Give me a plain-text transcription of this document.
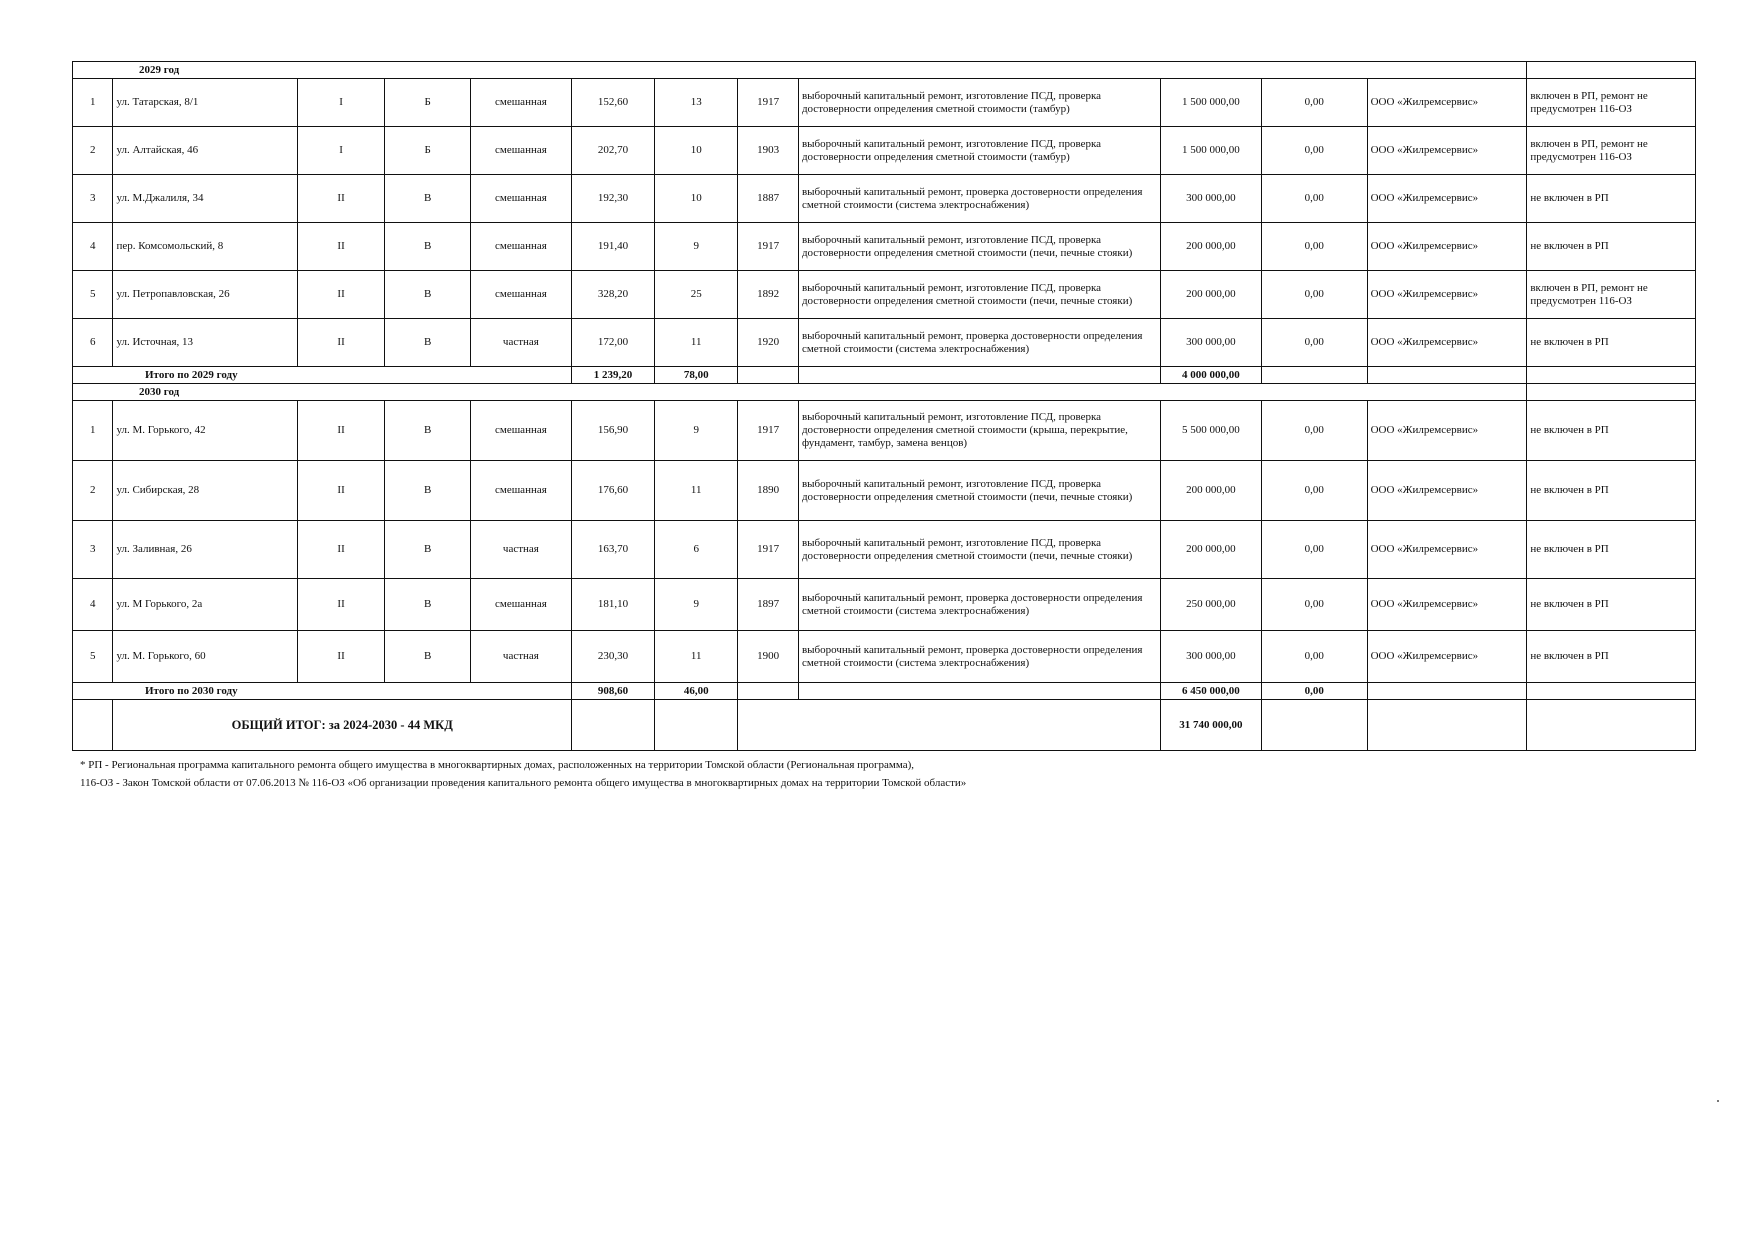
2029 год												
1	ул. Татарская, 8/1	I	Б	смешанная	152,60	13	1917	выборочный капитальный ремонт, изготовление ПСД, проверка достоверности определения сметной стоимости (тамбур)	1 500 000,00	0,00	ООО «Жилремсервис»	включен в РП, ремонт не предусмотрен 116-ОЗ
2	ул. Алтайская, 46	I	Б	смешанная	202,70	10	1903	выборочный капитальный ремонт, изготовление ПСД, проверка достоверности определения сметной стоимости (тамбур)	1 500 000,00	0,00	ООО «Жилремсервис»	включен в РП, ремонт не предусмотрен 116-ОЗ
3	ул. М.Джалиля, 34	II	В	смешанная	192,30	10	1887	выборочный капитальный ремонт, проверка достоверности определения сметной стоимости (система электроснабжения)	300 000,00	0,00	ООО «Жилремсервис»	не включен в РП
4	пер. Комсомольский, 8	II	В	смешанная	191,40	9	1917	выборочный капитальный ремонт, изготовление ПСД, проверка достоверности определения сметной стоимости (печи, печные стояки)	200 000,00	0,00	ООО «Жилремсервис»	не включен в РП
5	ул. Петропавловская, 26	II	В	смешанная	328,20	25	1892	выборочный капитальный ремонт, изготовление ПСД, проверка достоверности определения сметной стоимости (печи, печные стояки)	200 000,00	0,00	ООО «Жилремсервис»	включен в РП, ремонт не предусмотрен 116-ОЗ
6	ул. Источная, 13	II	В	частная	172,00	11	1920	выборочный капитальный ремонт, проверка достоверности определения сметной стоимости (система электроснабжения)	300 000,00	0,00	ООО «Жилремсервис»	не включен в РП
Итого по 2029 году					1 239,20	78,00			4 000 000,00			
2030 год												
1	ул. М. Горького, 42	II	В	смешанная	156,90	9	1917	выборочный капитальный ремонт, изготовление ПСД, проверка достоверности определения сметной стоимости (крыша, перекрытие, фундамент, тамбур, замена венцов)	5 500 000,00	0,00	ООО «Жилремсервис»	не включен в РП
2	ул. Сибирская, 28	II	В	смешанная	176,60	11	1890	выборочный капитальный ремонт, изготовление ПСД, проверка достоверности определения сметной стоимости (печи, печные стояки)	200 000,00	0,00	ООО «Жилремсервис»	не включен в РП
3	ул. Заливная, 26	II	В	частная	163,70	6	1917	выборочный капитальный ремонт, изготовление ПСД, проверка достоверности определения сметной стоимости (печи, печные стояки)	200 000,00	0,00	ООО «Жилремсервис»	не включен в РП
4	ул. М Горького, 2а	II	В	смешанная	181,10	9	1897	выборочный капитальный ремонт, проверка достоверности определения сметной стоимости (система электроснабжения)	250 000,00	0,00	ООО «Жилремсервис»	не включен в РП
5	ул. М. Горького, 60	II	В	частная	230,30	11	1900	выборочный капитальный ремонт, проверка достоверности определения сметной стоимости (система электроснабжения)	300 000,00	0,00	ООО «Жилремсервис»	не включен в РП
Итого по 2030 году					908,60	46,00			6 450 000,00	0,00		
	ОБЩИЙ ИТОГ: за 2024-2030 - 44 МКД								31 740 000,00			
* РП - Региональная программа капитального ремонта общего имущества в многоквартирных домах, расположенных на территории Томской области (Региональная программа),
116-ОЗ - Закон Томской области от 07.06.2013 № 116-ОЗ «Об организации проведения капитального ремонта общего имущества в многоквартирных домах на территории Томской области»
